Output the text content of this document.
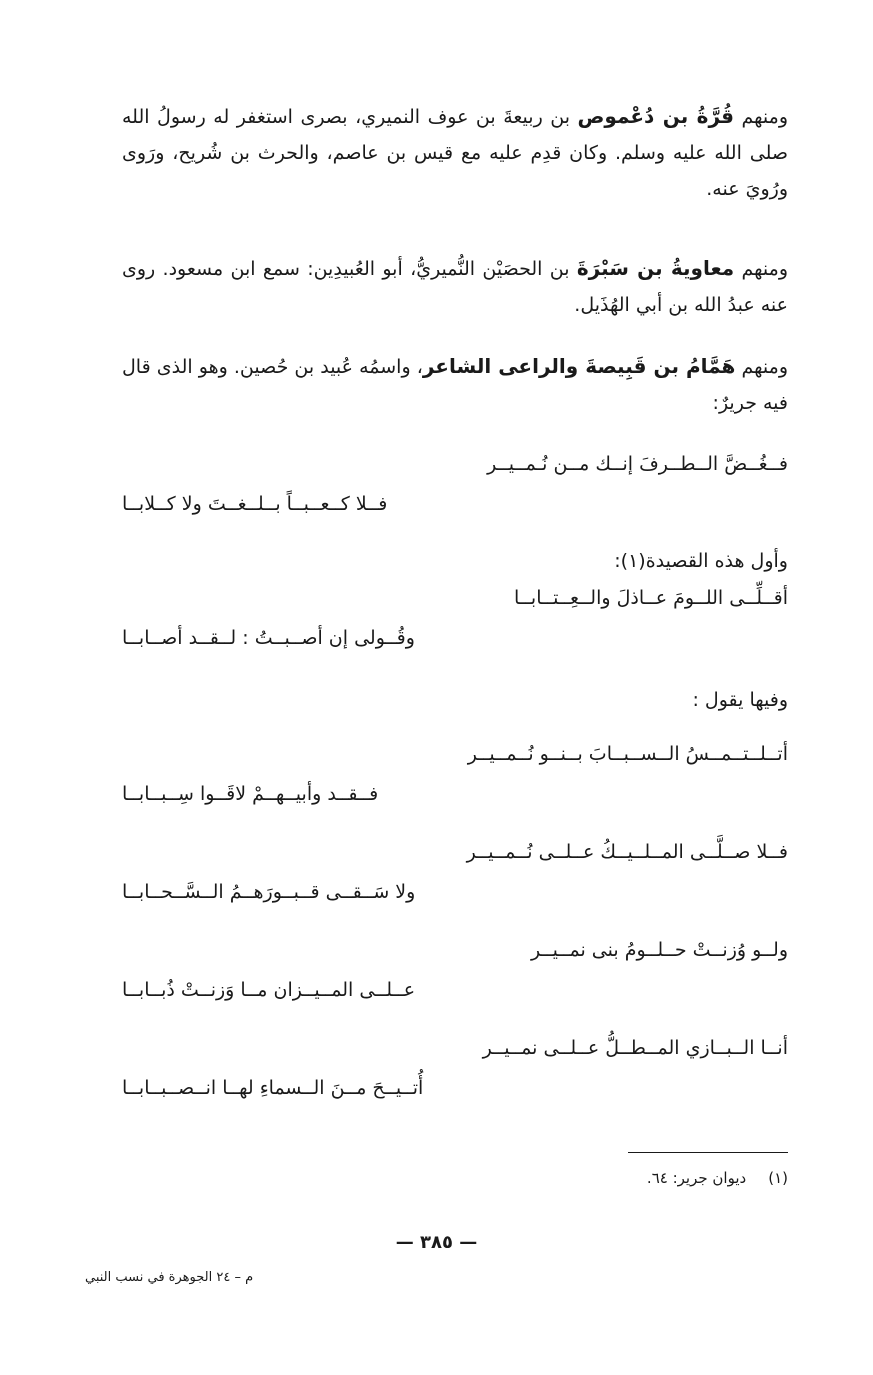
ومنهم قُرَّةُ بن دُعْموص بن ربيعةَ بن عوف النميري، بصرى استغفر له رسولُ الله صلى الله عليه وسلم. وكان قدِم عليه مع قيس بن عاصم، والحرث بن شُريح، ورَوى ورُويَ عنه.

ومنهم معاويةُ بن سَبْرَةَ بن الحصَيْن النُّميريُّ، أبو العُبيدِين: سمع ابن مسعود. روى عنه عبدُ الله بن أبي الهُذَيل.

ومنهم هَمَّامُ بن قَبِيصةَ والراعى الشاعر، واسمُه عُبيد بن حُصين. وهو الذى قال فيه جريرٌ:

فــغُــضَّ الــطــرفَ إنــك مــن نُـمــيــر
فــلا كــعــبــاً بــلــغــتَ ولا كــلابــا
وأول هذه القصيدة(١):
أقــلِّــى اللــومَ عــاذلَ والــعِــتــابــا
وقُــولى إن أصــبــتُ : لــقــد أصــابــا
وفيها يقول :
أتــلــتــمــسُ الــســبــابَ بــنــو نُــمــيــر
فــقــد وأبيــهــمْ لاقَــوا سِــبــابــا
فــلا صــلَّــى المــلــيــكُ عــلــى نُــمــيــر
ولا سَــقــى قــبــورَهــمُ الــسَّــحــابــا
ولــو وُزنــتْ حــلــومُ بنى نمــيــر
عــلــى المــيــزان مــا وَزنــتْ ذُبــابــا
أنــا الــبــازي المــطــلُّ عــلــى نمــيــر
أُتــيــحَ مــنَ الــسماءِ لهــا انــصــبــابــا
(١)ديوان جرير: ٦٤.
— ٣٨٥ —
م – ٢٤ الجوهرة في نسب النبي
